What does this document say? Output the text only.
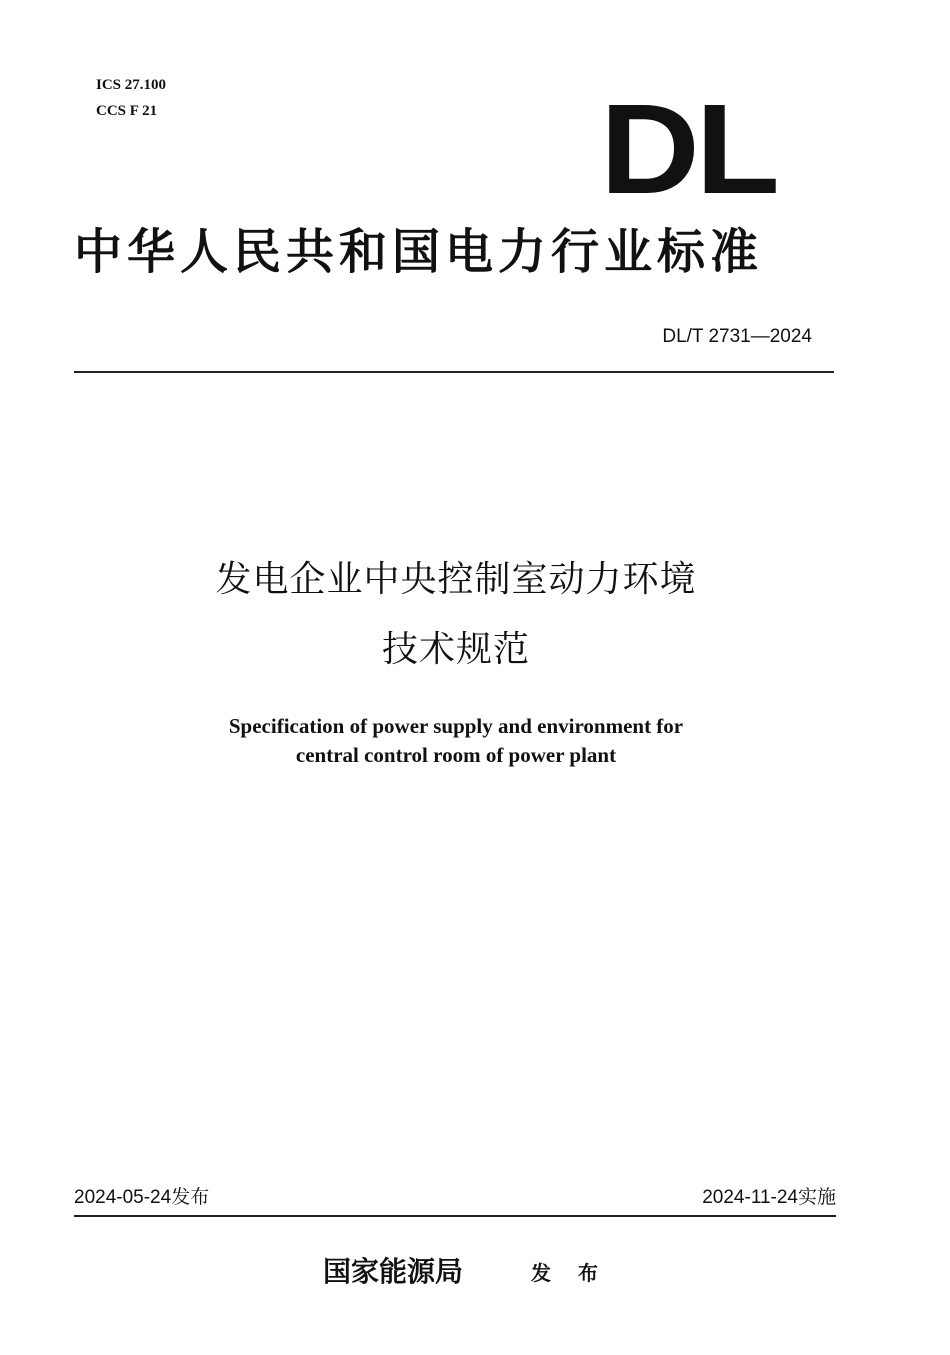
ICS 27.100
CCS F 21	DL
中华人民共和国电力行业标准
DL/T 2731—2024
发电企业中央控制室动力环境
技术规范
Specification of power supply and environment for
central control room of power plant
2024-05-24发布	2024-11-24实施
国家能源局	发 布
